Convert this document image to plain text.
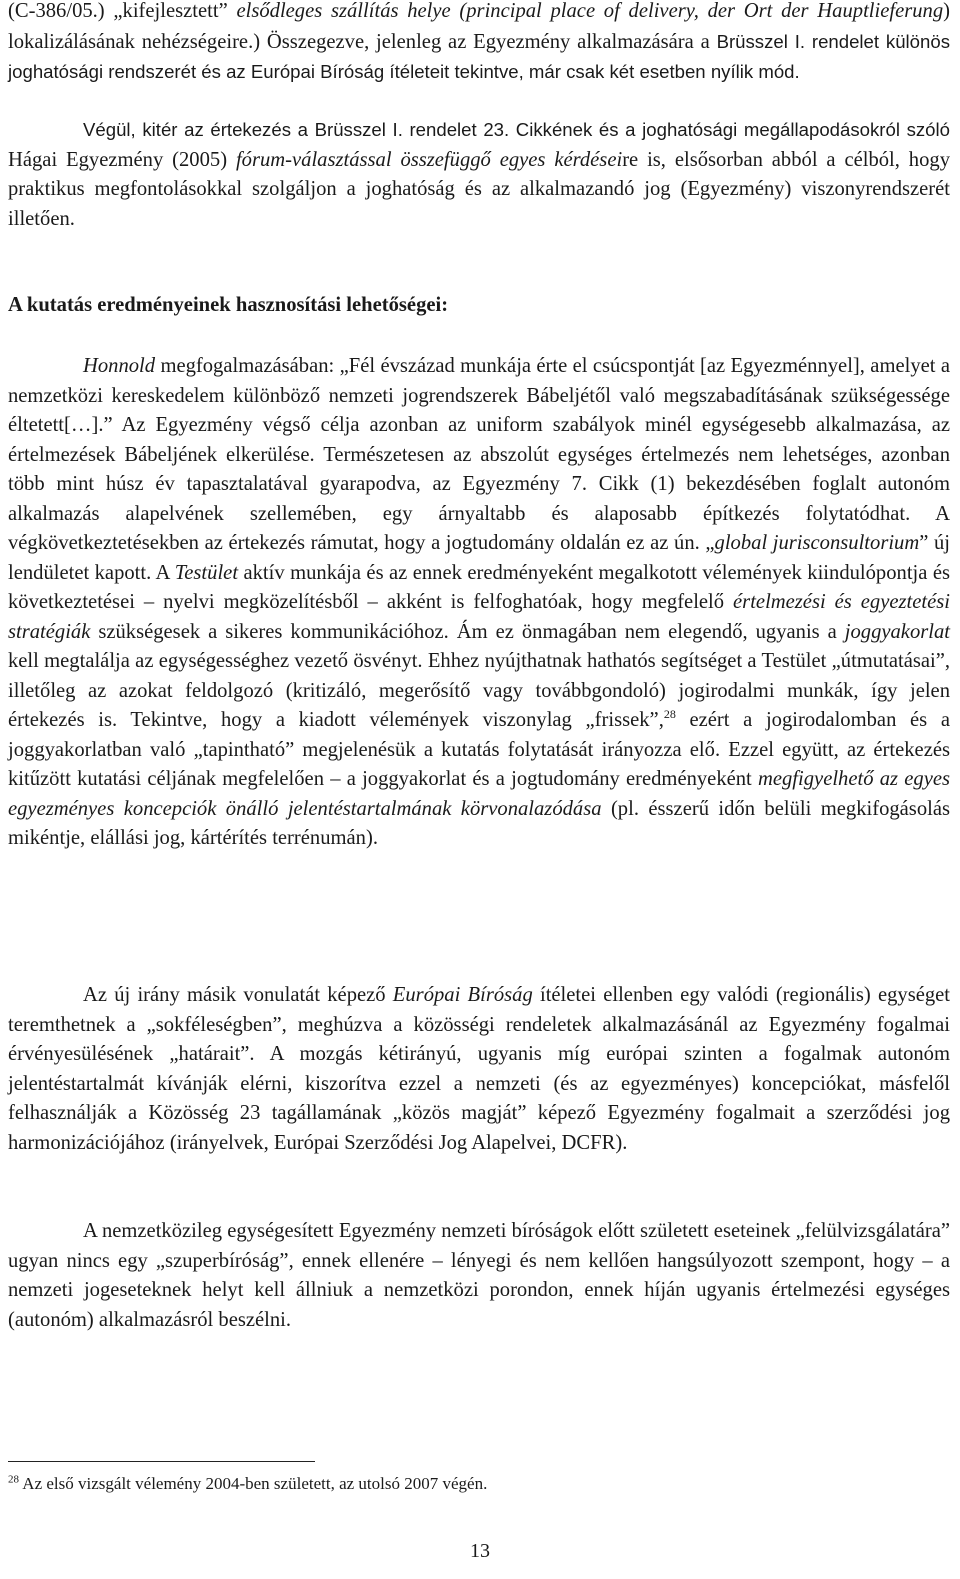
(C-386/05.) „kifejlesztett” elsődleges szállítás helye (principal place of delivery, der Ort der Hauptlieferung) lokalizálásának nehézségeire.) Összegezve, jelenleg az Egyezmény alkalmazására a Brüsszel I. rendelet különös joghatósági rendszerét és az Európai Bíróság ítéleteit tekintve, már csak két esetben nyílik mód.

Végül, kitér az értekezés a Brüsszel I. rendelet 23. Cikkének és a joghatósági megállapodásokról szóló Hágai Egyezmény (2005) fórum-választással összefüggő egyes kérdéseire is, elsősorban abból a célból, hogy praktikus megfontolásokkal szolgáljon a joghatóság és az alkalmazandó jog (Egyezmény) viszonyrendszerét illetően.

A kutatás eredményeinek hasznosítási lehetőségei:

Honnold megfogalmazásában: „Fél évszázad munkája érte el csúcspontját [az Egyezménnyel], amelyet a nemzetközi kereskedelem különböző nemzeti jogrendszerek Bábeljétől való megszabadításának szükségessége éltetett[…].” Az Egyezmény végső célja azonban az uniform szabályok minél egységesebb alkalmazása, az értelmezések Bábeljének elkerülése. Természetesen az abszolút egységes értelmezés nem lehetséges, azonban több mint húsz év tapasztalatával gyarapodva, az Egyezmény 7. Cikk (1) bekezdésében foglalt autonóm alkalmazás alapelvének szellemében, egy árnyaltabb és alaposabb építkezés folytatódhat. A végkövetkeztetésekben az értekezés rámutat, hogy a jogtudomány oldalán ez az ún. „global jurisconsultorium” új lendületet kapott. A Testület aktív munkája és az ennek eredményeként megalkotott vélemények kiindulópontja és következtetései – nyelvi megközelítésből – akként is felfoghatóak, hogy megfelelő értelmezési és egyeztetési stratégiák szükségesek a sikeres kommunikációhoz. Ám ez önmagában nem elegendő, ugyanis a joggyakorlat kell megtalálja az egységességhez vezető ösvényt. Ehhez nyújthatnak hathatós segítséget a Testület „útmutatásai”, illetőleg az azokat feldolgozó (kritizáló, megerősítő vagy továbbgondoló) jogirodalmi munkák, így jelen értekezés is. Tekintve, hogy a kiadott vélemények viszonylag „frissek”,$^{28}$ ezért a jogirodalomban és a joggyakorlatban való „tapintható” megjelenésük a kutatás folytatását irányozza elő. Ezzel együtt, az értekezés kitűzött kutatási céljának megfelelően – a joggyakorlat és a jogtudomány eredményeként megfigyelhető az egyes egyezményes koncepciók önálló jelentéstartalmának körvonalazódása (pl. ésszerű időn belüli megkifogásolás mikéntje, elállási jog, kártérítés terrénumán).

Az új irány másik vonulatát képező Európai Bíróság ítéletei ellenben egy valódi (regionális) egységet teremthetnek a „sokféleségben”, meghúzva a közösségi rendeletek alkalmazásánál az Egyezmény fogalmai érvényesülésének „határait”. A mozgás kétirányú, ugyanis míg európai szinten a fogalmak autonóm jelentéstartalmát kívánják elérni, kiszorítva ezzel a nemzeti (és az egyezményes) koncepciókat, másfelől felhasználják a Közösség 23 tagállamának „közös magját” képező Egyezmény fogalmait a szerződési jog harmonizációjához (irányelvek, Európai Szerződési Jog Alapelvei, DCFR).

A nemzetközileg egységesített Egyezmény nemzeti bíróságok előtt született eseteinek „felülvizsgálatára” ugyan nincs egy „szuperbíróság”, ennek ellenére – lényegi és nem kellően hangsúlyozott szempont, hogy – a nemzeti jogeseteknek helyt kell állniuk a nemzetközi porondon, ennek híján ugyanis értelmezési egységes (autonóm) alkalmazásról beszélni.

$^{28}$ Az első vizsgált vélemény 2004-ben született, az utolsó 2007 végén.

13
